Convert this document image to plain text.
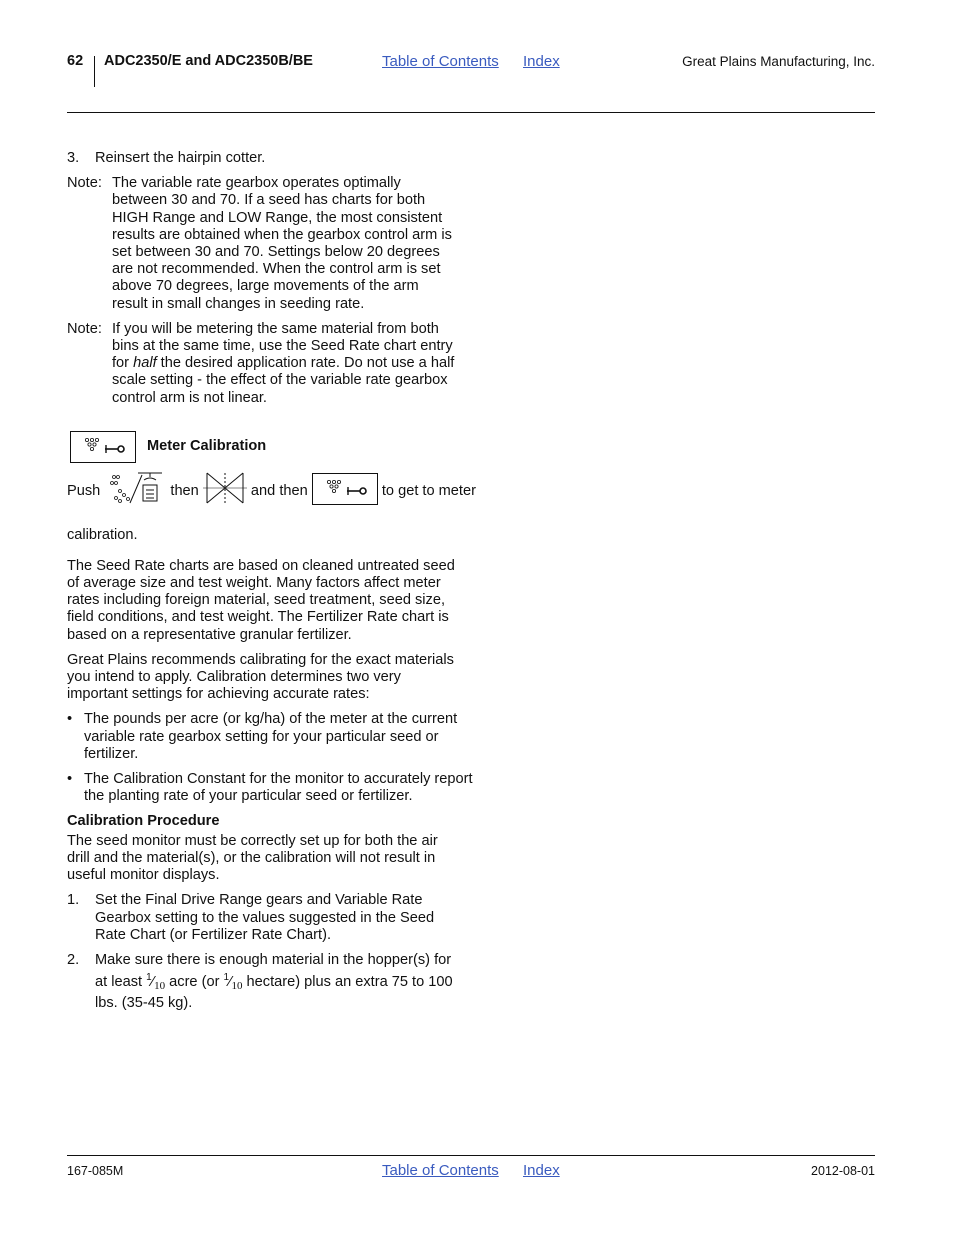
62 ADC2350/E and ADC2350B/BE	Table of Contents Index	Great Plains Manufacturing, Inc.
3.	Reinsert the hairpin cotter.
Note: The variable rate gearbox operates optimally between 30 and 70. If a seed has charts for both HIGH Range and LOW Range, the most consistent results are obtained when the gearbox control arm is set between 30 and 70. Settings below 20 degrees are not recommended. When the control arm is set above 70 degrees, large movements of the arm result in small changes in seeding rate.
Note: If you will be metering the same material from both bins at the same time, use the Seed Rate chart entry for half the desired application rate. Do not use a half scale setting - the effect of the variable rate gearbox control arm is not linear.
Meter Calibration

Push	then	and then	to get to meter calibration.

The Seed Rate charts are based on cleaned untreated seed of average size and test weight. Many factors affect meter rates including foreign material, seed treatment, seed size, field conditions, and test weight. The Fertilizer Rate chart is based on a representative granular fertilizer.

Great Plains recommends calibrating for the exact materials you intend to apply. Calibration determines two very important settings for achieving accurate rates:

• The pounds per acre (or kg/ha) of the meter at the current variable rate gearbox setting for your particular seed or fertilizer.
• The Calibration Constant for the monitor to accurately report the planting rate of your particular seed or fertilizer.

Calibration Procedure

The seed monitor must be correctly set up for both the air drill and the material(s), or the calibration will not result in useful monitor displays.

1.	Set the Final Drive Range gears and Variable Rate Gearbox setting to the values suggested in the Seed Rate Chart (or Fertilizer Rate Chart).
2.	Make sure there is enough material in the hopper(s) for at least $^1⁄_{10}$ acre (or $^1⁄_{10}$ hectare) plus an extra 75 to 100 lbs. (35-45 kg).
167-085M	Table of Contents Index	2012-08-01
